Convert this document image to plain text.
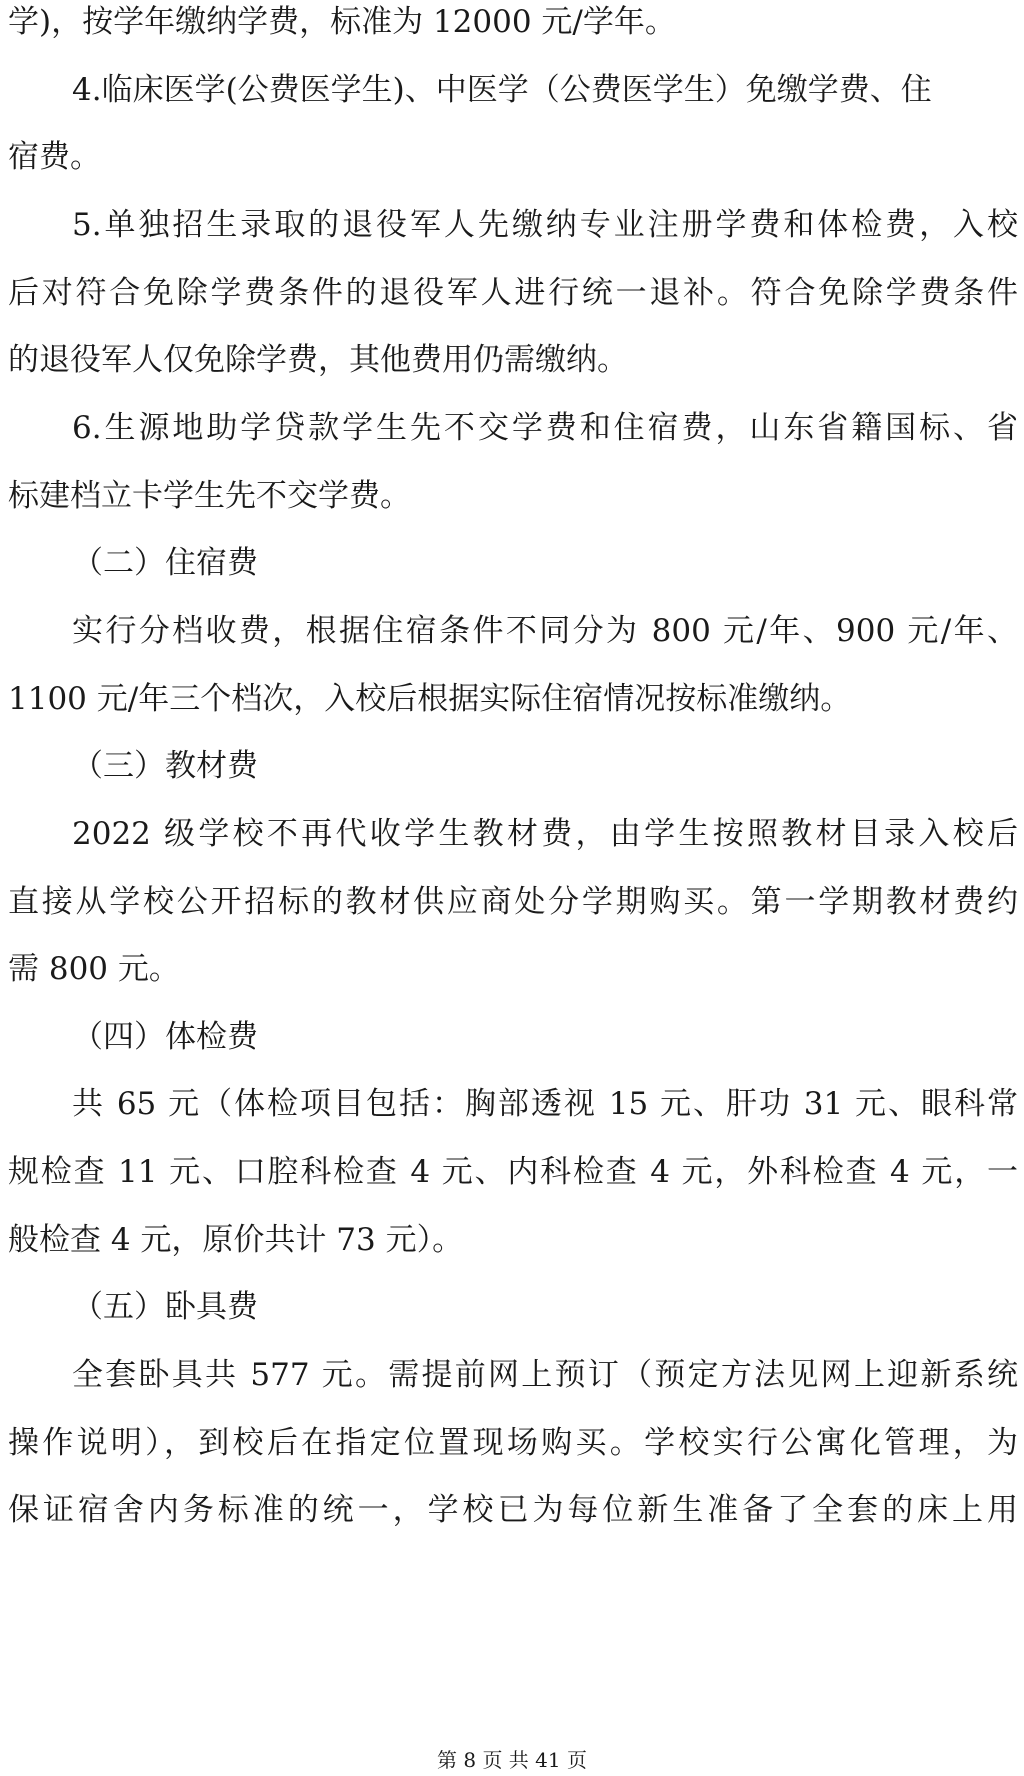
学)，按学年缴纳学费，标准为 12000 元/学年。
4.临床医学(公费医学生)、中医学（公费医学生）免缴学费、住
宿费。
5.单独招生录取的退役军人先缴纳专业注册学费和体检费，入校
后对符合免除学费条件的退役军人进行统一退补。符合免除学费条件
的退役军人仅免除学费，其他费用仍需缴纳。
6.生源地助学贷款学生先不交学费和住宿费，山东省籍国标、省
标建档立卡学生先不交学费。
（二）住宿费
实行分档收费，根据住宿条件不同分为 800 元/年、900 元/年、
1100 元/年三个档次，入校后根据实际住宿情况按标准缴纳。
（三）教材费
2022 级学校不再代收学生教材费，由学生按照教材目录入校后
直接从学校公开招标的教材供应商处分学期购买。第一学期教材费约
需 800 元。
（四）体检费
共 65 元（体检项目包括：胸部透视 15 元、肝功 31 元、眼科常
规检查 11 元、口腔科检查 4 元、内科检查 4 元，外科检查 4 元，一
般检查 4 元，原价共计 73 元）。
（五）卧具费
全套卧具共 577 元。需提前网上预订（预定方法见网上迎新系统
操作说明），到校后在指定位置现场购买。学校实行公寓化管理，为
保证宿舍内务标准的统一，学校已为每位新生准备了全套的床上用
第 8 页 共 41 页
